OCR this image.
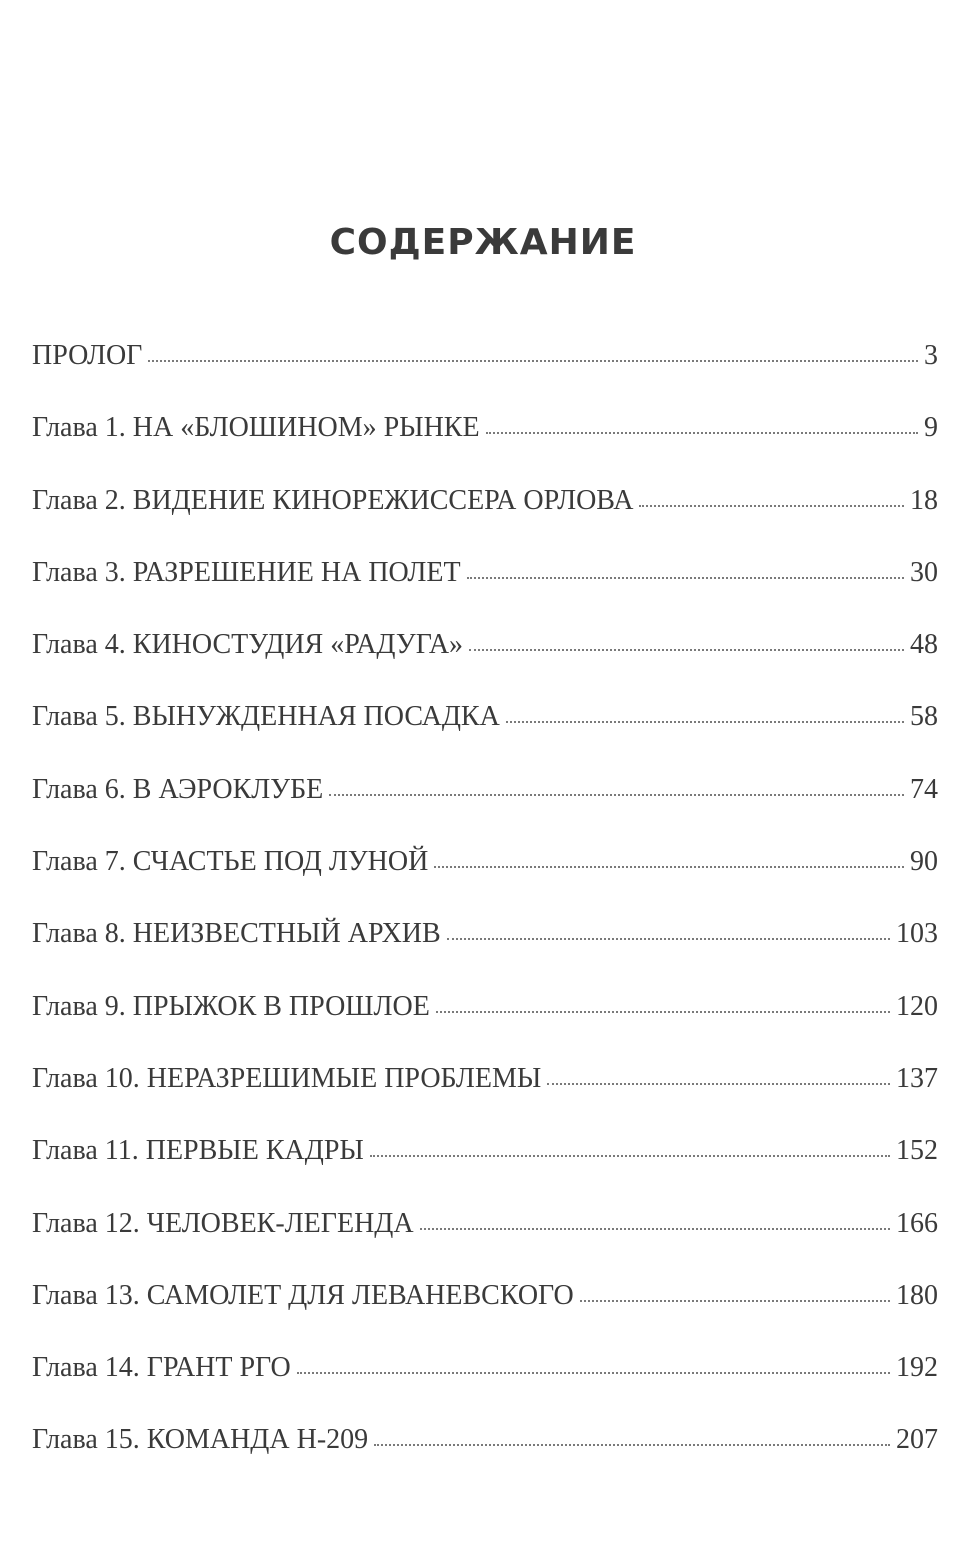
СОДЕРЖАНИЕ
ПРОЛОГ	3
Глава 1. НА «БЛОШИНОМ» РЫНКЕ	9
Глава 2. ВИДЕНИЕ КИНОРЕЖИССЕРА ОРЛОВА	18
Глава 3. РАЗРЕШЕНИЕ НА ПОЛЕТ	30
Глава 4. КИНОСТУДИЯ «РАДУГА»	48
Глава 5. ВЫНУЖДЕННАЯ ПОСАДКА	58
Глава 6. В АЭРОКЛУБЕ	74
Глава 7. СЧАСТЬЕ ПОД ЛУНОЙ	90
Глава 8. НЕИЗВЕСТНЫЙ АРХИВ	103
Глава 9. ПРЫЖОК В ПРОШЛОЕ	120
Глава 10. НЕРАЗРЕШИМЫЕ ПРОБЛЕМЫ	137
Глава 11. ПЕРВЫЕ КАДРЫ	152
Глава 12. ЧЕЛОВЕК-ЛЕГЕНДА	166
Глава 13. САМОЛЕТ ДЛЯ ЛЕВАНЕВСКОГО	180
Глава 14. ГРАНТ РГО	192
Глава 15. КОМАНДА Н-209	207
